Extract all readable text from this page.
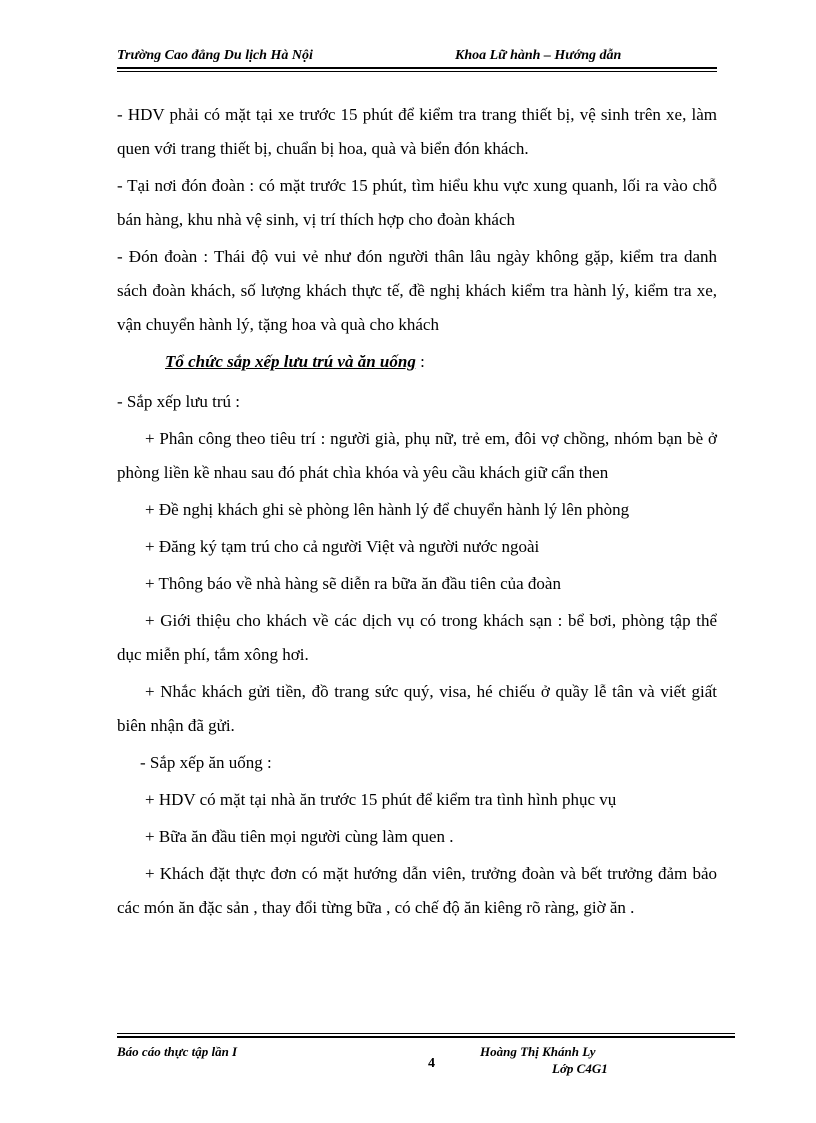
Trường Cao đẳng Du lịch Hà Nội	Khoa Lữ hành – Hướng dẫn

- HDV phải có mặt tại xe trước 15 phút để kiểm tra trang thiết bị, vệ sinh trên xe, làm quen với trang thiết bị, chuẩn bị hoa, quà và biển đón khách.

- Tại nơi đón đoàn : có mặt trước 15 phút, tìm hiểu khu vực xung quanh, lối ra vào chỗ bán hàng, khu nhà vệ sinh, vị trí thích hợp cho đoàn khách

- Đón đoàn : Thái độ vui vẻ như đón người thân lâu ngày không gặp, kiểm tra danh sách đoàn khách, số lượng khách thực tế, đề nghị khách kiểm tra hành lý, kiểm tra xe, vận chuyển hành lý, tặng hoa và quà cho khách

Tổ chức sắp xếp lưu trú và ăn uống :

- Sắp xếp lưu trú :

+ Phân công theo tiêu trí : người già, phụ nữ, trẻ em, đôi vợ chồng, nhóm bạn bè ở phòng liền kề nhau sau đó phát chìa khóa và yêu cầu khách giữ cẩn then

+ Đề nghị khách ghi sè phòng lên hành lý để chuyển hành lý lên phòng

+ Đăng ký tạm trú cho cả người Việt và người nước ngoài

+ Thông báo về nhà hàng sẽ diễn ra bữa ăn đầu tiên của đoàn

+ Giới thiệu cho khách về các dịch vụ có trong khách sạn : bể bơi, phòng tập thể dục miễn phí, tắm xông hơi.

+ Nhắc khách gửi tiền, đồ trang sức quý, visa, hé chiếu ở quầy lễ tân và viết giất biên nhận đã gửi.

- Sắp xếp ăn uống :

+ HDV có mặt tại nhà ăn trước 15 phút để kiểm tra tình hình phục vụ

+ Bữa ăn đầu tiên mọi người cùng làm quen .

+ Khách đặt thực đơn có mặt hướng dẫn viên, trưởng đoàn và bết trưởng đảm bảo các món ăn đặc sản , thay đổi từng bữa , có chế độ ăn kiêng rõ ràng, giờ ăn .

Báo cáo thực tập lần I
4
Hoàng Thị Khánh Ly
Lớp C4G1
